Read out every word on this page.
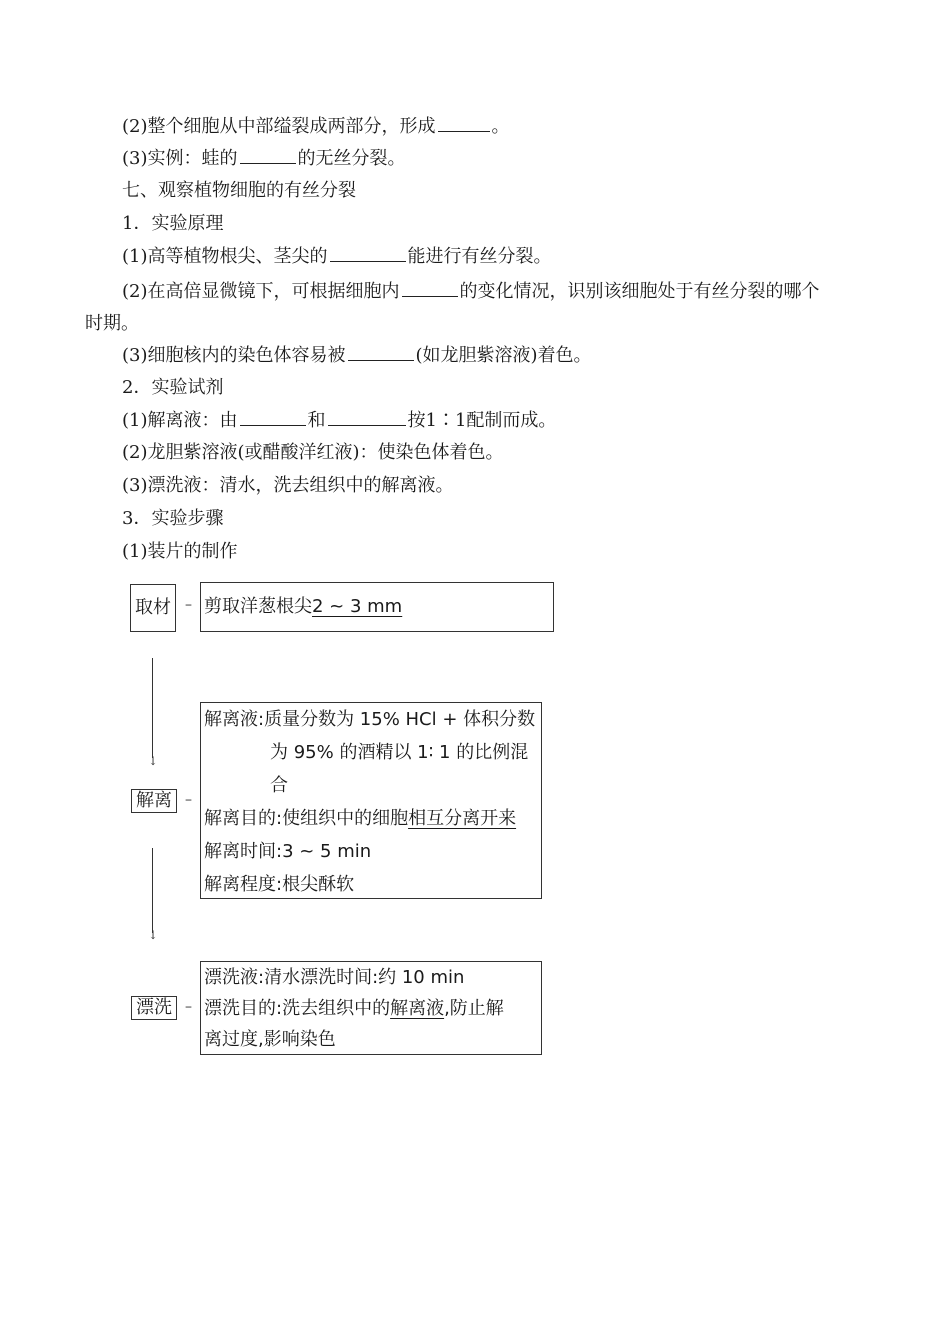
(2)整个细胞从中部缢裂成两部分，形成	。
(3)实例：蛙的	的无丝分裂。
七、观察植物细胞的有丝分裂
1．实验原理
(1)高等植物根尖、茎尖的	能进行有丝分裂。
(2)在高倍显微镜下，可根据细胞内	的变化情况，识别该细胞处于有丝分裂的哪个时期。
(3)细胞核内的染色体容易被	(如龙胆紫溶液)着色。
2．实验试剂
(1)解离液：由	和	按1∶1配制而成。
(2)龙胆紫溶液(或醋酸洋红液)：使染色体着色。
(3)漂洗液：清水，洗去组织中的解离液。
3．实验步骤
(1)装片的制作
取材	– 剪取洋葱根尖2 ~ 3 mm
↓
解离 –
解离液:质量分数为 15% HCl + 体积分数
为 95% 的酒精以 1∶ 1 的比例混
合
解离目的:使组织中的细胞相互分离开来
解离时间:3 ~ 5 min
解离程度:根尖酥软
↓
漂洗 –
漂洗液:清水漂洗时间:约 10 min
漂洗目的:洗去组织中的解离液,防止解
离过度,影响染色
